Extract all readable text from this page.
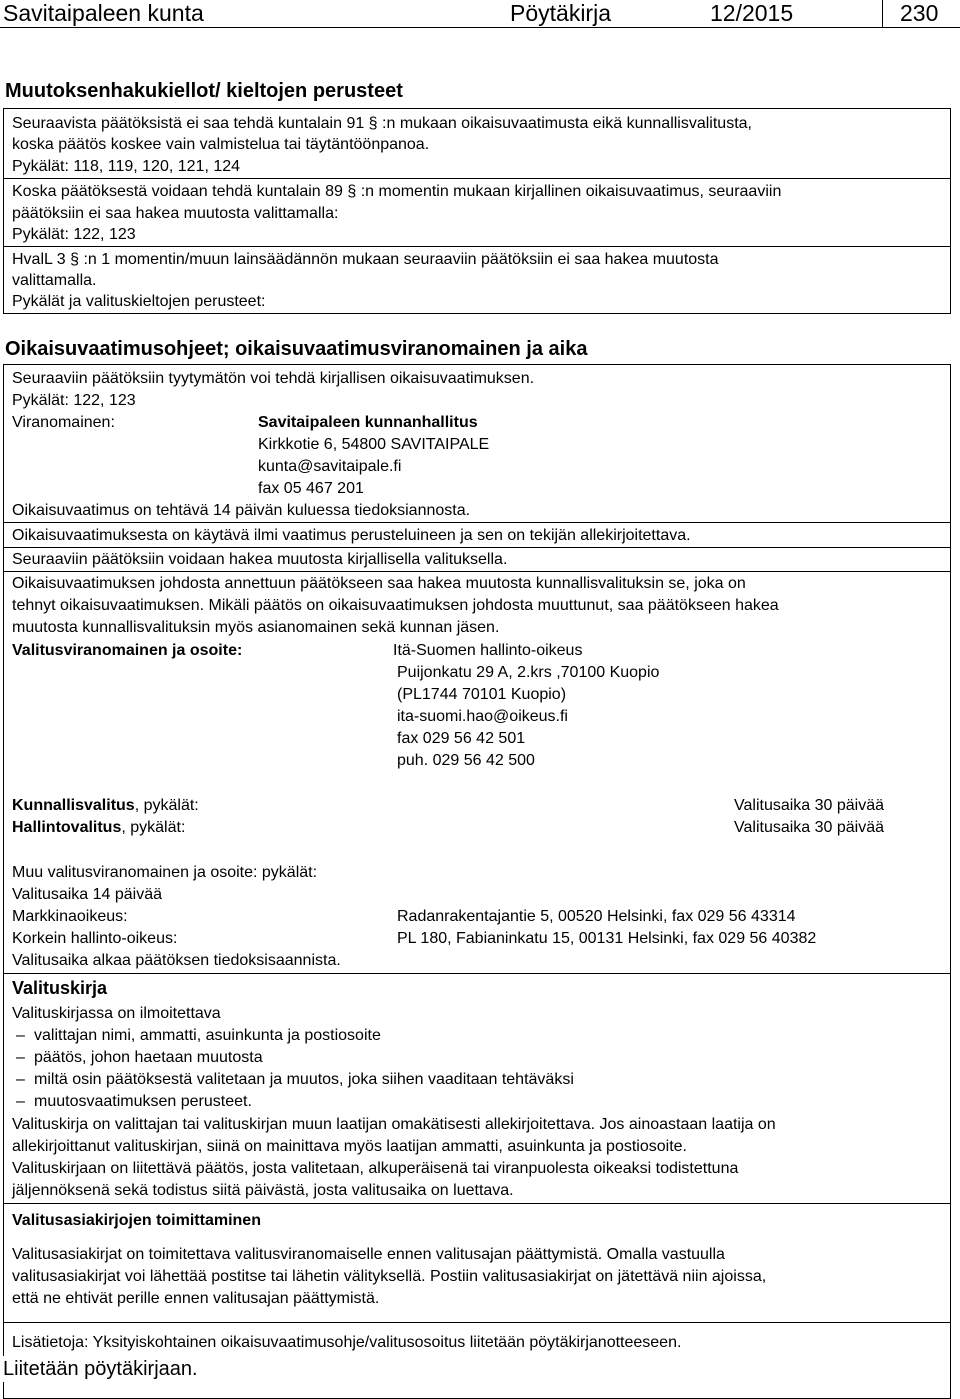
Savitaipaleen kunta	Pöytäkirja	12/2015	230
Muutoksenhakukiellot/ kieltojen perusteet
Seuraavista päätöksistä ei saa tehdä kuntalain 91 § :n mukaan oikaisuvaatimusta eikä kunnallisvalitusta,
koska päätös koskee vain valmistelua tai täytäntöönpanoa.
Pykälät: 118, 119, 120, 121, 124
Koska päätöksestä voidaan tehdä kuntalain 89 § :n momentin mukaan kirjallinen oikaisuvaatimus, seuraaviin
päätöksiin ei saa hakea muutosta valittamalla:
Pykälät: 122, 123
HvalL 3 § :n 1 momentin/muun lainsäädännön mukaan seuraaviin päätöksiin ei saa hakea muutosta
valittamalla.
Pykälät ja valituskieltojen perusteet:
Oikaisuvaatimusohjeet; oikaisuvaatimusviranomainen ja aika
Seuraaviin päätöksiin tyytymätön voi tehdä kirjallisen oikaisuvaatimuksen.
Pykälät: 122, 123
Viranomainen:	Savitaipaleen kunnanhallitus
Kirkkotie 6, 54800 SAVITAIPALE
kunta@savitaipale.fi
fax 05 467 201
Oikaisuvaatimus on tehtävä 14 päivän kuluessa tiedoksiannosta.
Oikaisuvaatimuksesta on käytävä ilmi vaatimus perusteluineen ja sen on tekijän allekirjoitettava.
Seuraaviin päätöksiin voidaan hakea muutosta kirjallisella valituksella.
Oikaisuvaatimuksen johdosta annettuun päätökseen saa hakea muutosta kunnallisvalituksin se, joka on
tehnyt oikaisuvaatimuksen. Mikäli päätös on oikaisuvaatimuksen johdosta muuttunut, saa päätökseen hakea
muutosta kunnallisvalituksin myös asianomainen sekä kunnan jäsen.
Valitusviranomainen ja osoite:	Itä-Suomen hallinto-oikeus
Puijonkatu 29 A, 2.krs ,70100 Kuopio
(PL1744 70101 Kuopio)
ita-suomi.hao@oikeus.fi
fax 029 56 42 501
puh. 029 56 42 500
Kunnallisvalitus, pykälät:	Valitusaika 30 päivää
Hallintovalitus, pykälät:	Valitusaika 30 päivää
Muu valitusviranomainen ja osoite: pykälät:
Valitusaika 14 päivää
Markkinaoikeus:	Radanrakentajantie 5, 00520 Helsinki, fax 029 56 43314
Korkein hallinto-oikeus:	PL 180, Fabianinkatu 15, 00131 Helsinki, fax 029 56 40382
Valitusaika alkaa päätöksen tiedoksisaannista.
Valituskirja
Valituskirjassa on ilmoitettava
– valittajan nimi, ammatti, asuinkunta ja postiosoite
– päätös, johon haetaan muutosta
– miltä osin päätöksestä valitetaan ja muutos, joka siihen vaaditaan tehtäväksi
– muutosvaatimuksen perusteet.
Valituskirja on valittajan tai valituskirjan muun laatijan omakätisesti allekirjoitettava. Jos ainoastaan laatija on
allekirjoittanut valituskirjan, siinä on mainittava myös laatijan ammatti, asuinkunta ja postiosoite.
Valituskirjaan on liitettävä päätös, josta valitetaan, alkuperäisenä tai viranpuolesta oikeaksi todistettuna
jäljennöksenä sekä todistus siitä päivästä, josta valitusaika on luettava.
Valitusasiakirjojen toimittaminen
Valitusasiakirjat on toimitettava valitusviranomaiselle ennen valitusajan päättymistä. Omalla vastuulla
valitusasiakirjat voi lähettää postitse tai lähetin välityksellä. Postiin valitusasiakirjat on jätettävä niin ajoissa,
että ne ehtivät perille ennen valitusajan päättymistä.
Lisätietoja: Yksityiskohtainen oikaisuvaatimusohje/valitusosoitus liitetään pöytäkirjanotteeseen.
Liitetään pöytäkirjaan.
